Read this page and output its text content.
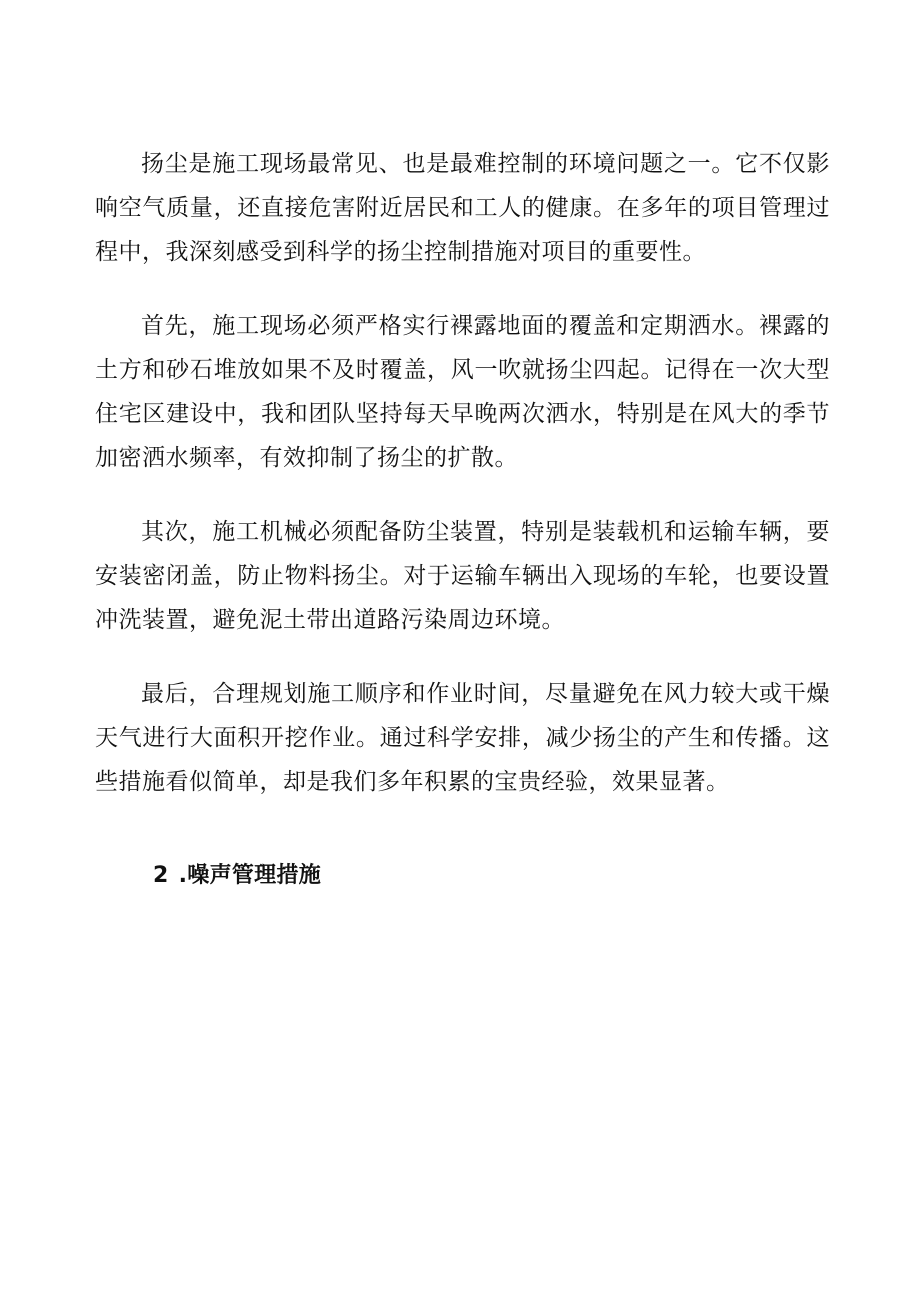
扬尘是施工现场最常见、也是最难控制的环境问题之一。它不仅影响空气质量，还直接危害附近居民和工人的健康。在多年的项目管理过程中，我深刻感受到科学的扬尘控制措施对项目的重要性。

首先，施工现场必须严格实行裸露地面的覆盖和定期洒水。裸露的土方和砂石堆放如果不及时覆盖，风一吹就扬尘四起。记得在一次大型住宅区建设中，我和团队坚持每天早晚两次洒水，特别是在风大的季节加密洒水频率，有效抑制了扬尘的扩散。

其次，施工机械必须配备防尘装置，特别是装载机和运输车辆，要安装密闭盖，防止物料扬尘。对于运输车辆出入现场的车轮，也要设置冲洗装置，避免泥土带出道路污染周边环境。

最后，合理规划施工顺序和作业时间，尽量避免在风力较大或干燥天气进行大面积开挖作业。通过科学安排，减少扬尘的产生和传播。这些措施看似简单，却是我们多年积累的宝贵经验，效果显著。

2 .噪声管理措施
